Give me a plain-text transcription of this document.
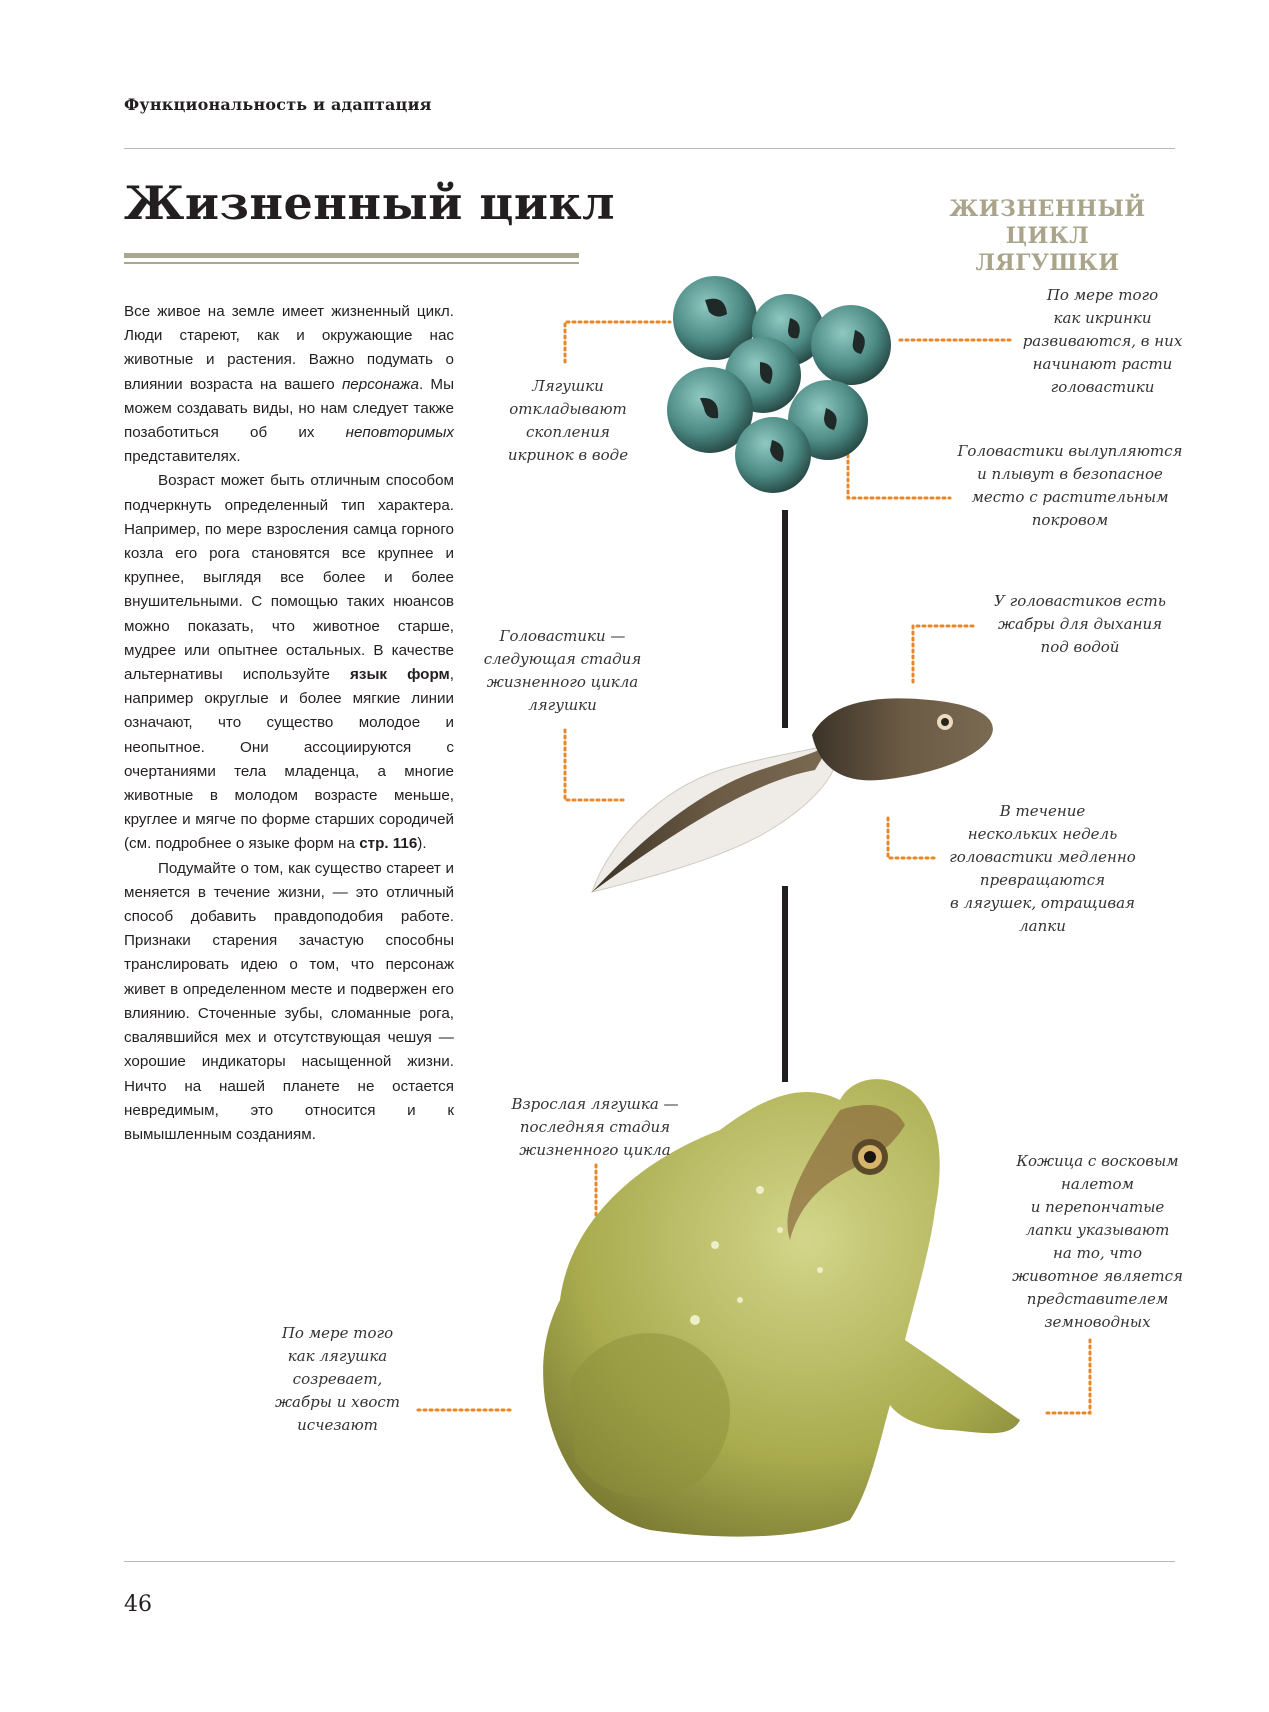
Функциональность и адаптация
Жизненный цикл	ЖИЗНЕННЫЙ ЦИКЛ
ЛЯГУШКИ

Все живое на земле имеет жизненный цикл. Люди стареют, как и окружающие нас животные и растения. Важно подумать о влиянии возраста на вашего персонажа. Мы можем создавать виды, но нам следует также позаботиться об их неповторимых представителях.

Возраст может быть отличным способом подчеркнуть определенный тип характера. Например, по мере взросления самца горного козла его рога становятся все крупнее и крупнее, выглядя все более и более внушительными. С помощью таких нюансов можно показать, что животное старше, мудрее или опытнее остальных. В качестве альтернативы используйте язык форм, например округлые и более мягкие линии означают, что существо молодое и неопытное. Они ассоциируются с очертаниями тела младенца, а многие животные в молодом возрасте меньше, круглее и мягче по форме старших сородичей (см. подробнее о языке форм на стр. 116).

Подумайте о том, как существо стареет и меняется в течение жизни, — это отличный способ добавить правдоподобия работе. Признаки старения зачастую способны транслировать идею о том, что персонаж живет в определенном месте и подвержен его влиянию. Сточенные зубы, сломанные рога, свалявшийся мех и отсутствующая чешуя — хорошие индикаторы насыщенной жизни. Ничто на нашей планете не остается невредимым, это относится и к вымышленным созданиям.

Лягушки
откладывают
скопления
икринок в воде
По мере того
как икринки
развиваются, в них
начинают расти
головастики
Головастики вылупляются
и плывут в безопасное
место с растительным
покровом
Головастики —
следующая стадия
жизненного цикла
лягушки
У головастиков есть
жабры для дыхания
под водой
В течение
нескольких недель
головастики медленно
превращаются
в лягушек, отращивая
лапки
Взрослая лягушка —
последняя стадия
жизненного цикла
Кожица с восковым
налетом
и перепончатые
лапки указывают
на то, что
животное является
представителем
земноводных
По мере того
как лягушка
созревает,
жабры и хвост
исчезают
46
